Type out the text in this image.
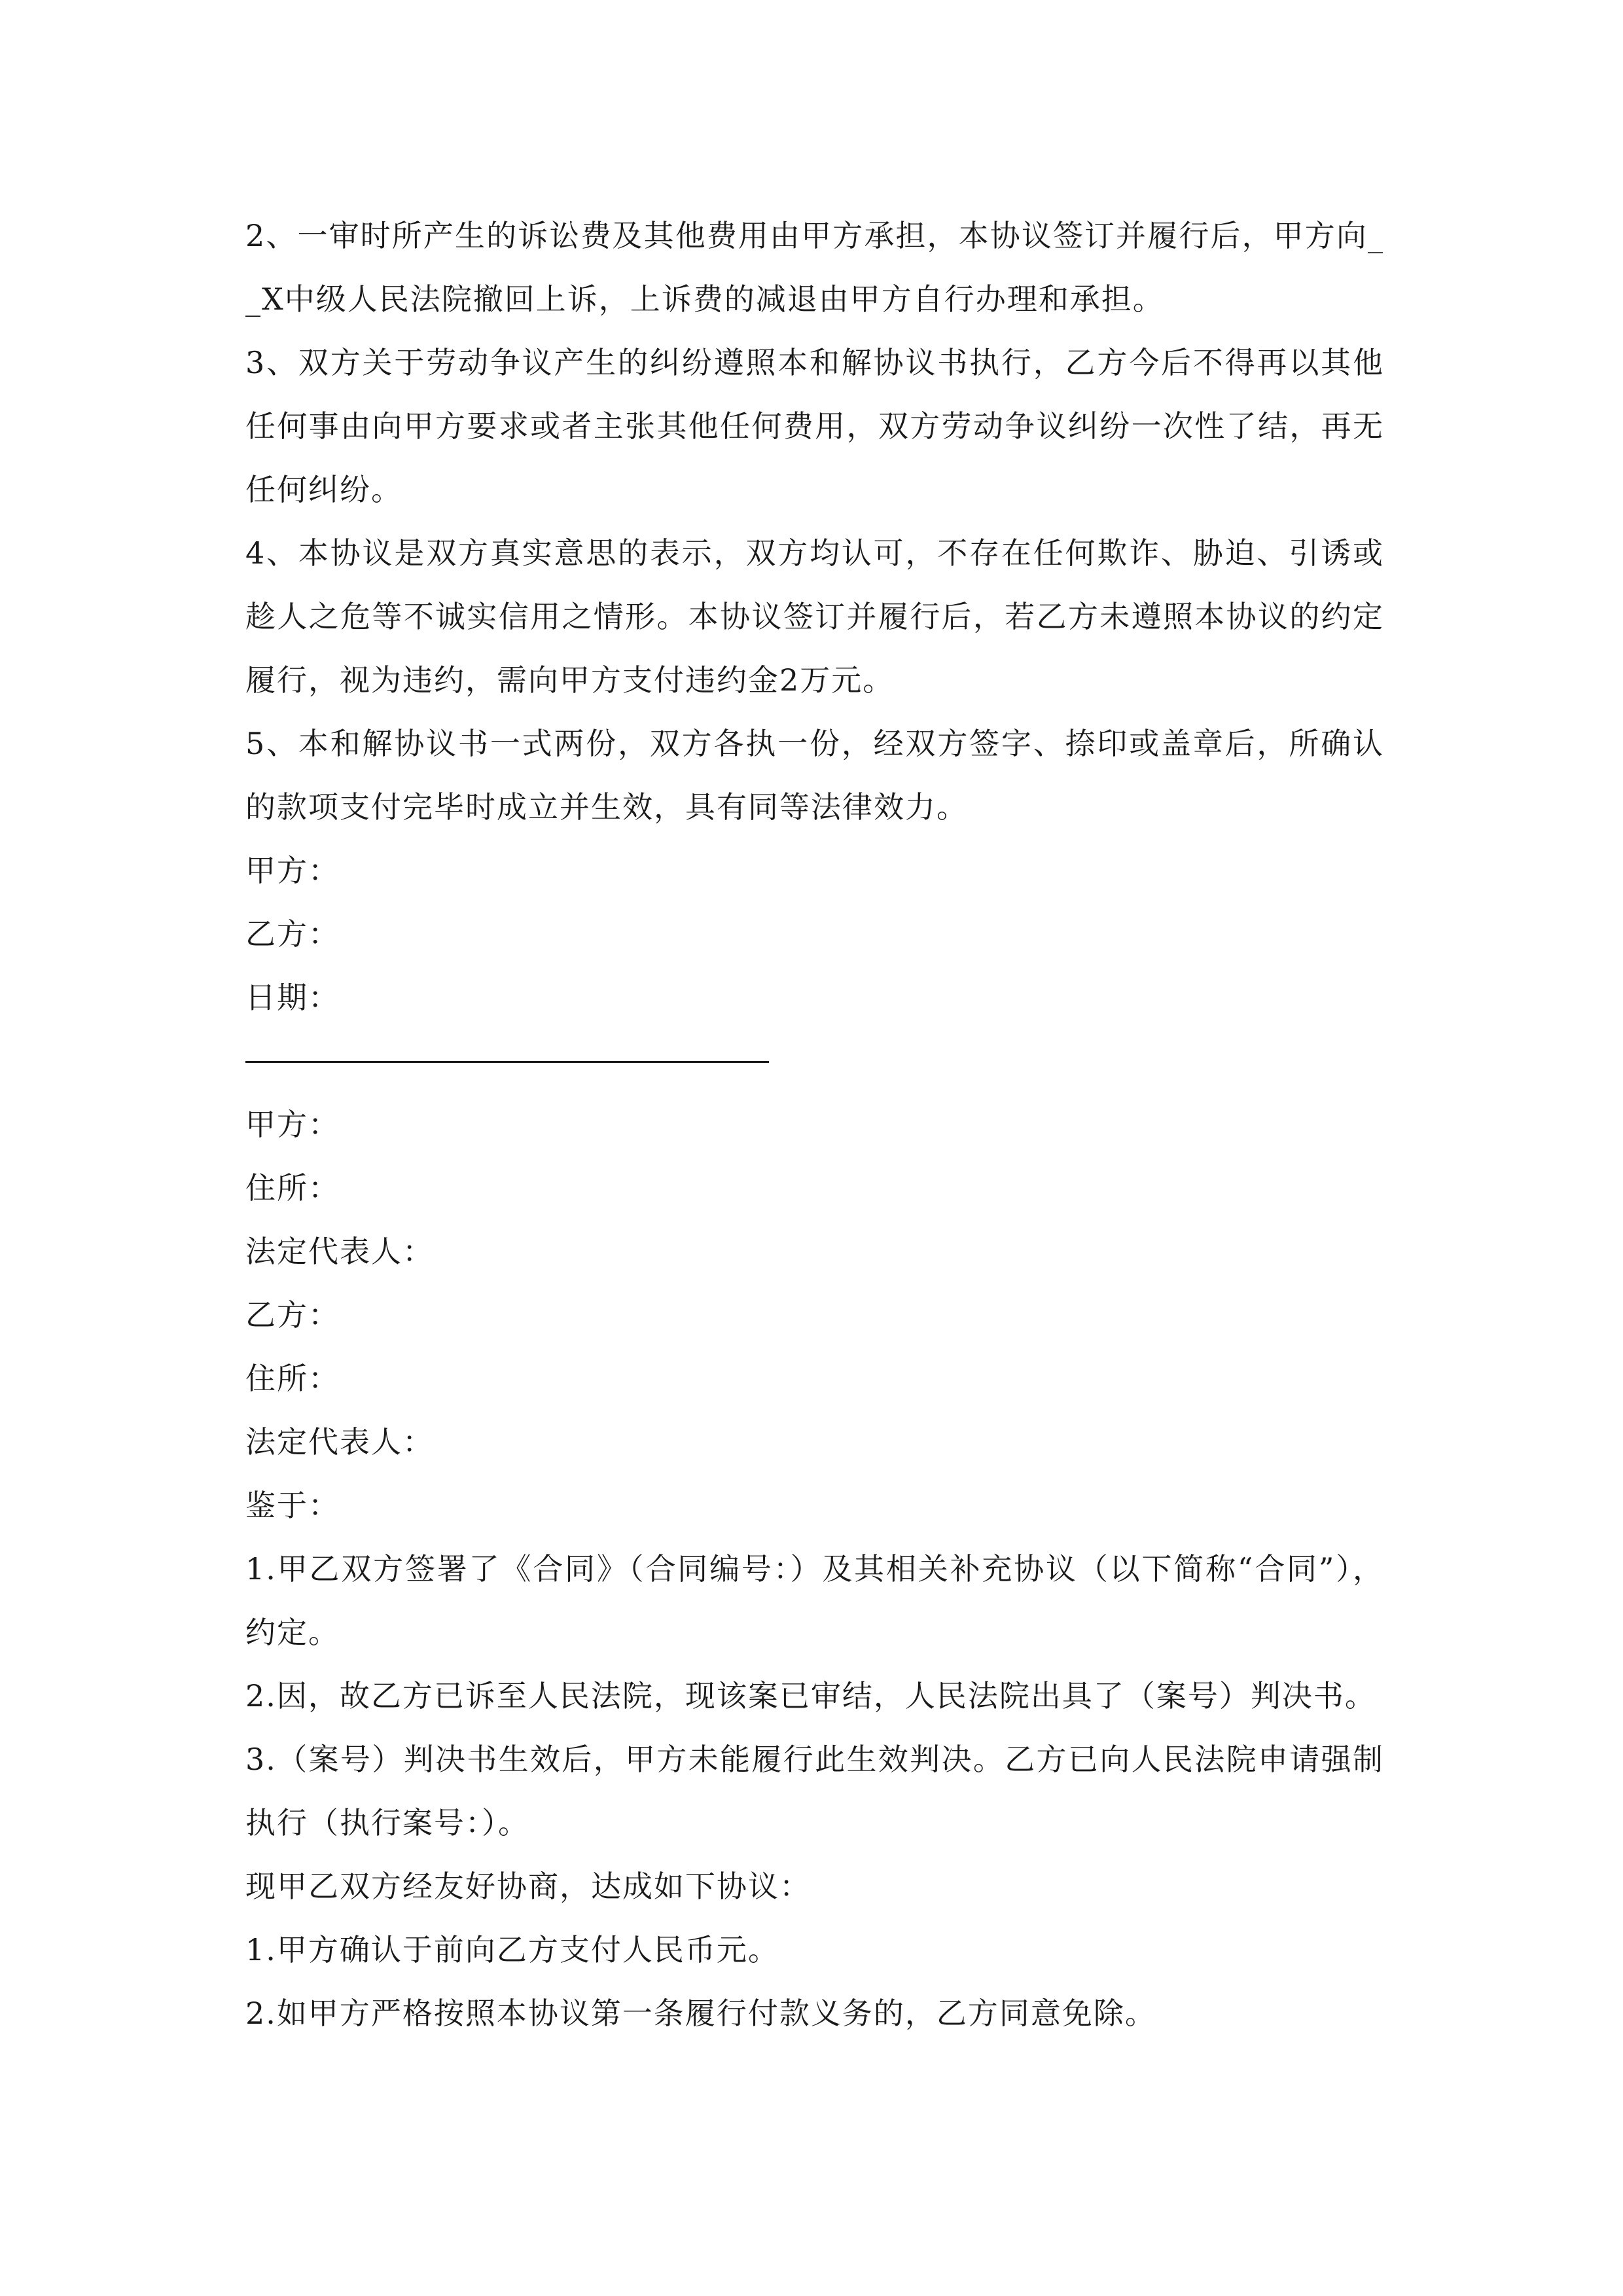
2、一审时所产生的诉讼费及其他费用由甲方承担，本协议签订并履行后，甲方向__X中级人民法院撤回上诉，上诉费的减退由甲方自行办理和承担。

3、双方关于劳动争议产生的纠纷遵照本和解协议书执行，乙方今后不得再以其他任何事由向甲方要求或者主张其他任何费用，双方劳动争议纠纷一次性了结，再无任何纠纷。

4、本协议是双方真实意思的表示，双方均认可，不存在任何欺诈、胁迫、引诱或趁人之危等不诚实信用之情形。本协议签订并履行后，若乙方未遵照本协议的约定履行，视为违约，需向甲方支付违约金2万元。

5、本和解协议书一式两份，双方各执一份，经双方签字、捺印或盖章后，所确认的款项支付完毕时成立并生效，具有同等法律效力。

甲方：

乙方：

日期：

甲方：

住所：

法定代表人：

乙方：

住所：

法定代表人：

鉴于：

1.甲乙双方签署了《合同》（合同编号：）及其相关补充协议（以下简称“合同”），约定。

2.因，故乙方已诉至人民法院，现该案已审结，人民法院出具了（案号）判决书。

3.（案号）判决书生效后，甲方未能履行此生效判决。乙方已向人民法院申请强制执行（执行案号：）。

现甲乙双方经友好协商，达成如下协议：

1.甲方确认于前向乙方支付人民币元。

2.如甲方严格按照本协议第一条履行付款义务的，乙方同意免除。
